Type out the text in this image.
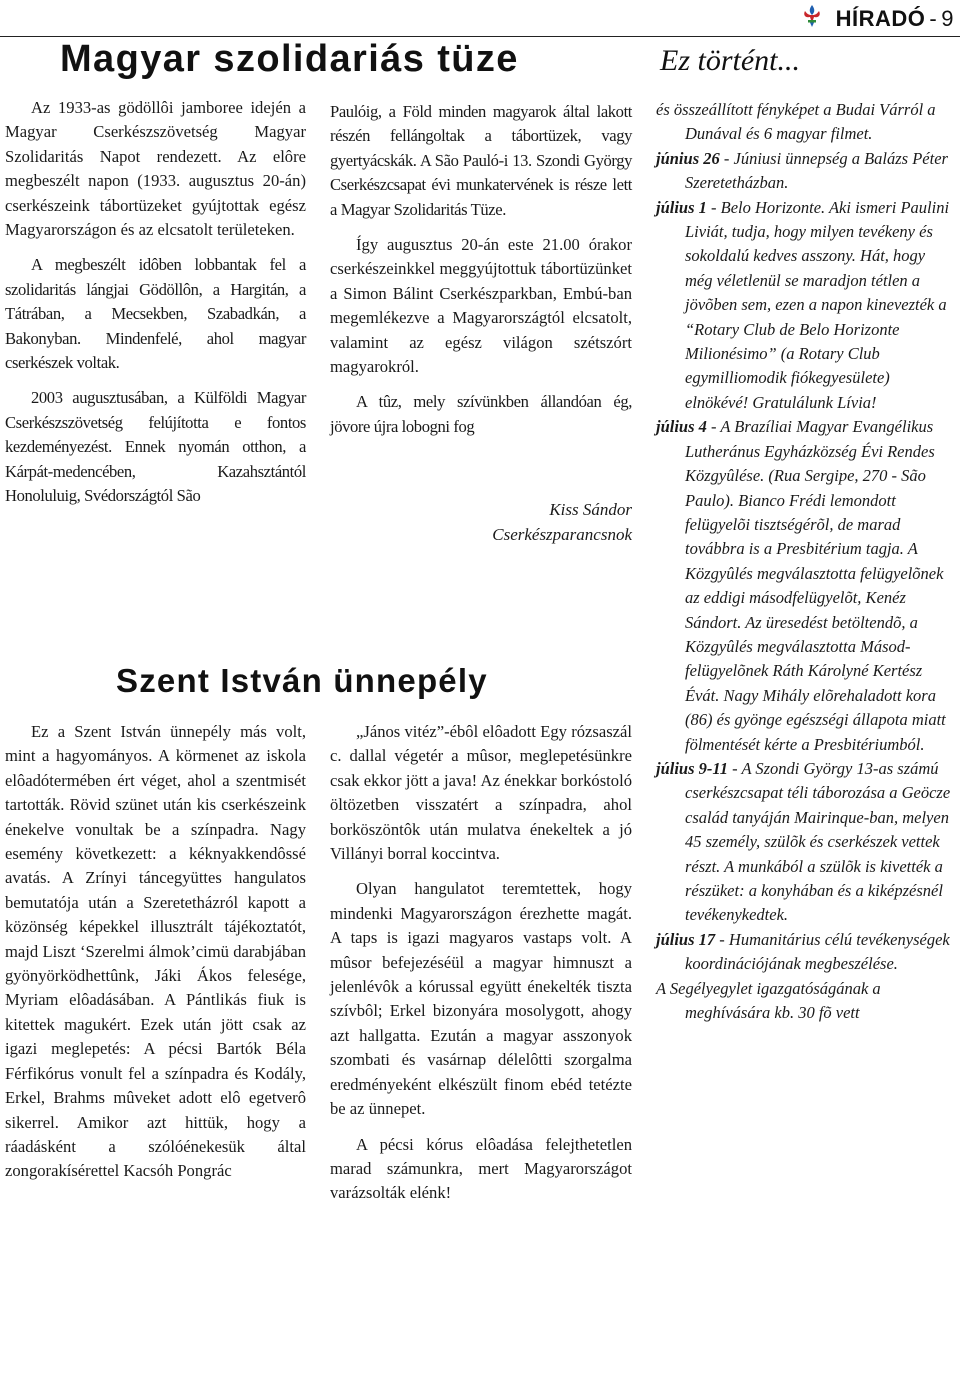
HÍRADÓ - 9
Magyar szolidariás tüze

Az 1933-as gödöllôi jamboree idején a Magyar Cserkészszövetség Magyar Szolidaritás Napot rendezett. Az elôre megbeszélt napon (1933. augusztus 20-án) cserkészeink tábortüzeket gyújtottak egész Magyarországon és az elcsatolt területeken.

A megbeszélt idôben lobbantak fel a szolidaritás lángjai Gödöllôn, a Hargitán, a Tátrában, a Mecsekben, Szabadkán, a Bakonyban. Mindenfelé, ahol magyar cserkészek voltak.

2003 augusztusában, a Külföldi Magyar Cserkészszövetség felújította e fontos kezdeményezést. Ennek nyomán otthon, a Kárpát-medencében, Kazahsztántól Honoluluig, Svédországtól São

Paulóig, a Föld minden magyarok által lakott részén fellángoltak a tábortüzek, vagy gyertyácskák. A São Pauló-i 13. Szondi György Cserkészcsapat évi munkatervének is része lett a Magyar Szolidaritás Tüze.

Így augusztus 20-án este 21.00 órakor cserkészeinkkel meggyújtottuk tábortüzünket a Simon Bálint Cserkészparkban, Embú-ban megemlékezve a Magyarországtól elcsatolt, valamint az egész világon szétszórt magyarokról.

A tûz, mely szívünkben állandóan ég, jövore újra lobogni fog

Kiss Sándor
Cserkészparancsnok
Szent István ünnepély

Ez a Szent István ünnepély más volt, mint a hagyományos. A körmenet az iskola elôadótermében ért véget, ahol a szentmisét tartották. Rövid szünet után kis cserkészeink énekelve vonultak be a színpadra. Nagy esemény következett: a kéknyakkendôssé avatás. A Zrínyi táncegyüttes hangulatos bemutatója után a Szeretetházról kapott a közönség képekkel illusztrált tájékoztatót, majd Liszt ‘Szerelmi álmok’cimü darabjában gyönyörködhettûnk, Jáki Ákos felesége, Myriam elôadásában. A Pántlikás fiuk is kitettek magukért. Ezek után jött csak az igazi meglepetés: A pécsi Bartók Béla Férfikórus vonult fel a színpadra és Kodály, Erkel, Brahms mûveket adott elô egetverô sikerrel. Amikor azt hittük, hogy a ráadásként a szólóénekesük által zongorakísérettel Kacsóh Pongrác

„János vitéz”-ébôl elôadott Egy rózsaszál c. dallal végetér a mûsor, meglepetésünkre csak ekkor jött a java! Az énekkar borkóstoló öltözetben visszatért a színpadra, ahol borköszöntôk után mulatva énekeltek a jó Villányi borral koccintva.

Olyan hangulatot teremtettek, hogy mindenki Magyarországon érezhette magát. A taps is igazi magyaros vastaps volt. A mûsor befejezéséül a magyar himnuszt a jelenlévôk a kórussal együtt énekelték tiszta szívbôl; Erkel bizonyára mosolygott, ahogy azt hallgatta. Ezután a magyar asszonyok szombati és vasárnap délelôtti szorgalma eredményeként elkészült finom ebéd tetézte be az ünnepet.

A pécsi kórus elôadása felejthetetlen marad számunkra, mert Magyarországot varázsolták elénk!

Ez történt...

és összeállított fényképet a Budai Várról a Dunával és 6 magyar filmet.

június 26 - Júniusi ünnepség a Balázs Péter Szeretetházban.

július 1 - Belo Horizonte. Aki ismeri Paulini Liviát, tudja, hogy milyen tevékeny és sokoldalú kedves asszony. Hát, hogy még véletlenül se maradjon tétlen a jövõben sem, ezen a napon kinevezték a “Rotary Club de Belo Horizonte Milionésimo” (a Rotary Club egymilliomodik fiókegyesülete) elnökévé! Gratulálunk Lívia!

július 4 - A Brazíliai Magyar Evangélikus Lutheránus Egyházközség Évi Rendes Közgyûlése. (Rua Sergipe, 270 - São Paulo). Bianco Frédi lemondott felügyelõi tisztségérõl, de marad továbbra is a Presbitérium tagja. A Közgyûlés megválasztotta felügyelõnek az eddigi másodfelügyelõt, Kenéz Sándort. Az üresedést betöltendõ, a Közgyûlés megválasztotta Másod-felügyelõnek Ráth Károlyné Kertész Évát. Nagy Mihály elõrehaladott kora (86) és gyönge egészségi állapota miatt fölmentését kérte a Presbitériumból.

július 9-11 - A Szondi György 13-as számú cserkészcsapat téli táborozása a Geöcze család tanyáján Mairinque-ban, melyen 45 személy, szülõk és cserkészek vettek részt. A munkából a szülõk is kivették a részüket: a konyhában és a kiképzésnél tevékenykedtek.

július 17 - Humanitárius célú tevékenységek koordinációjának megbeszélése.

A Segélyegylet igazgatóságának a meghívására kb. 30 fõ vett
